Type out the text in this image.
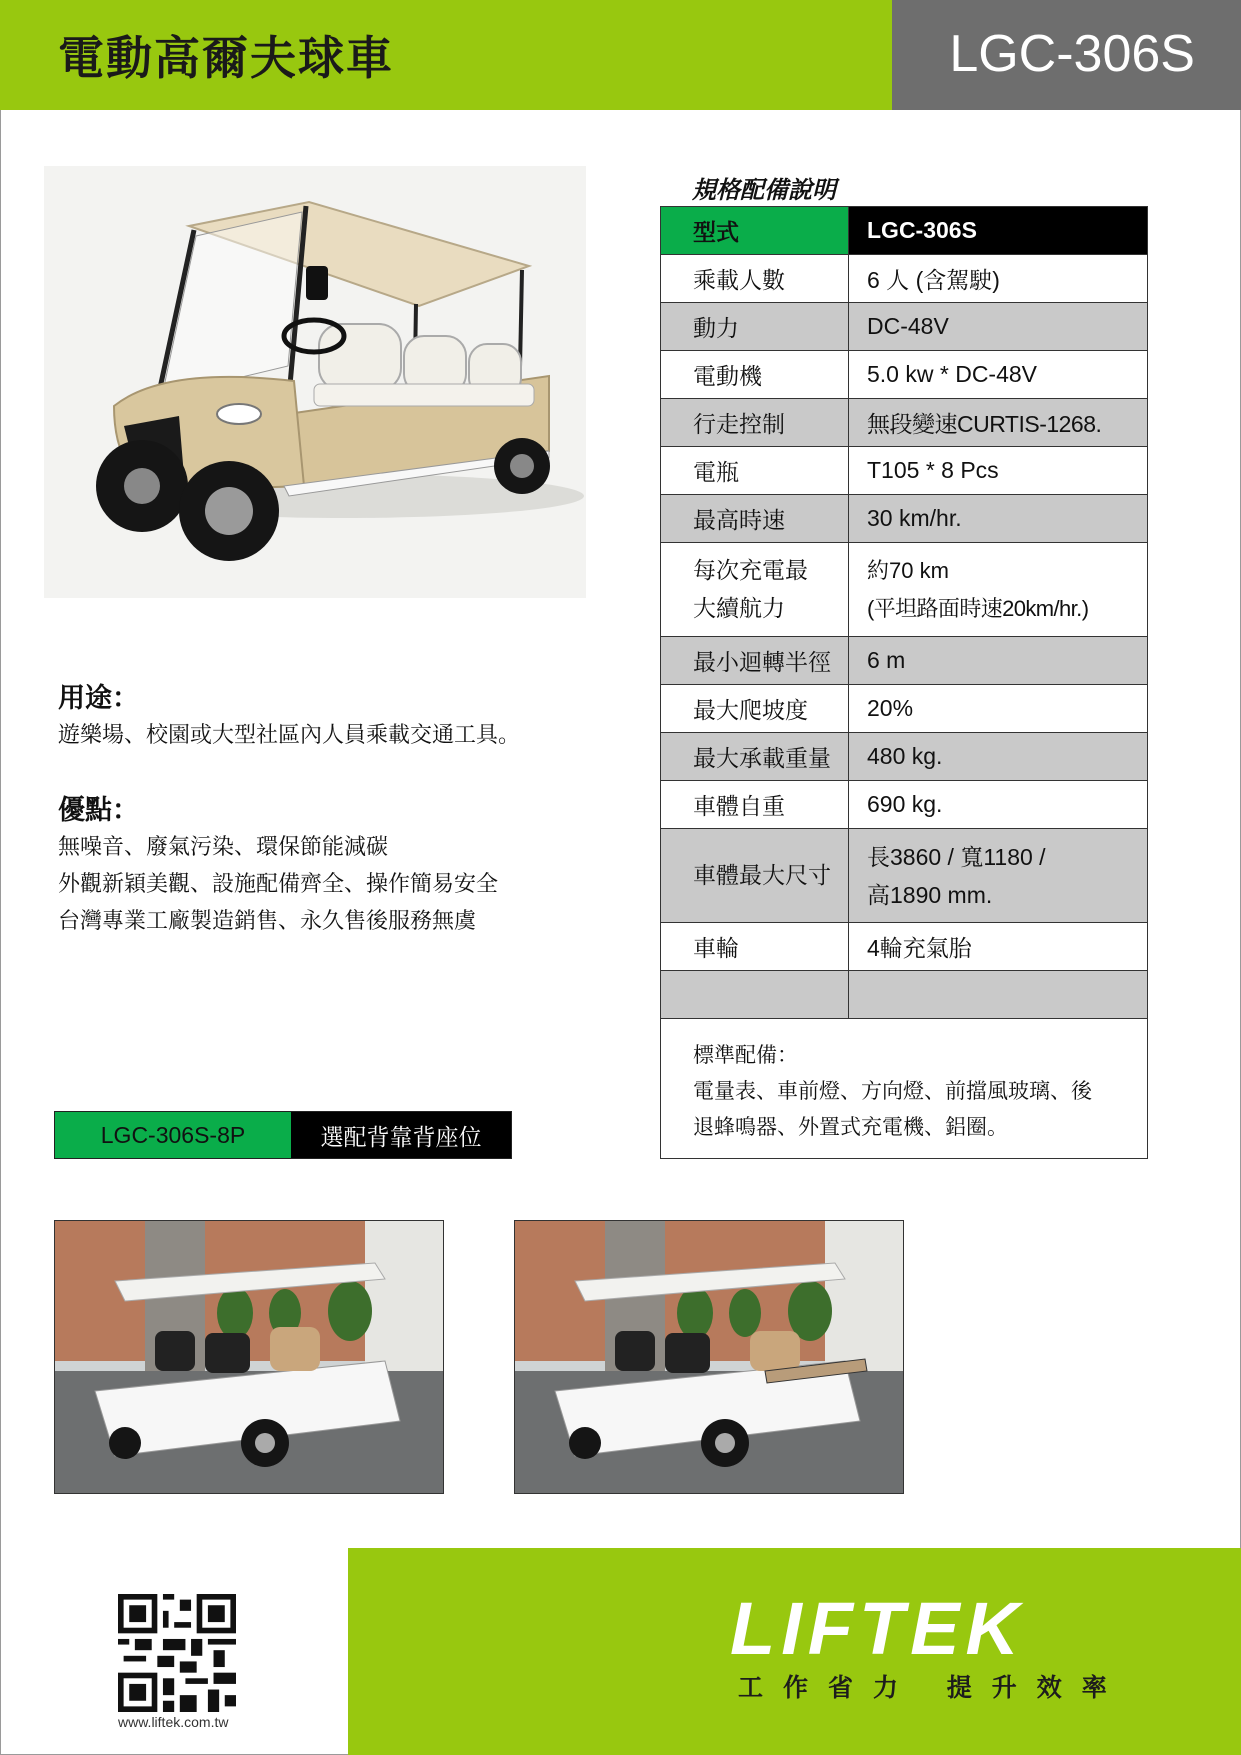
電動高爾夫球車	LGC-306S
規格配備說明
型式	LGC-306S
乘載人數	6 人 (含駕駛)
動力	DC-48V
電動機	5.0 kw * DC-48V
行走控制	無段變速CURTIS-1268.
電瓶	T105 * 8 Pcs
最高時速	30 km/hr.

每次充電最
大續航力	約70 km
(平坦路面時速20km/hr.)

最小迴轉半徑	6 m
最大爬坡度	20%
最大承載重量	480 kg.
車體自重	690 kg.
車體最大尺寸	長3860 / 寬1180 /
高1890 mm.

車輪	4輪充氣胎

標準配備：
電量表、車前燈、方向燈、前擋風玻璃、後
退蜂鳴器、外置式充電機、鋁圈。	
用途：
遊樂場、校園或大型社區內人員乘載交通工具。
優點：
無噪音、廢氣污染、環保節能減碳
外觀新穎美觀、設施配備齊全、操作簡易安全
台灣專業工廠製造銷售、永久售後服務無虞
LGC-306S-8P	選配背靠背座位
www.liftek.com.tw
LIFTEK
工作省力 提升效率
